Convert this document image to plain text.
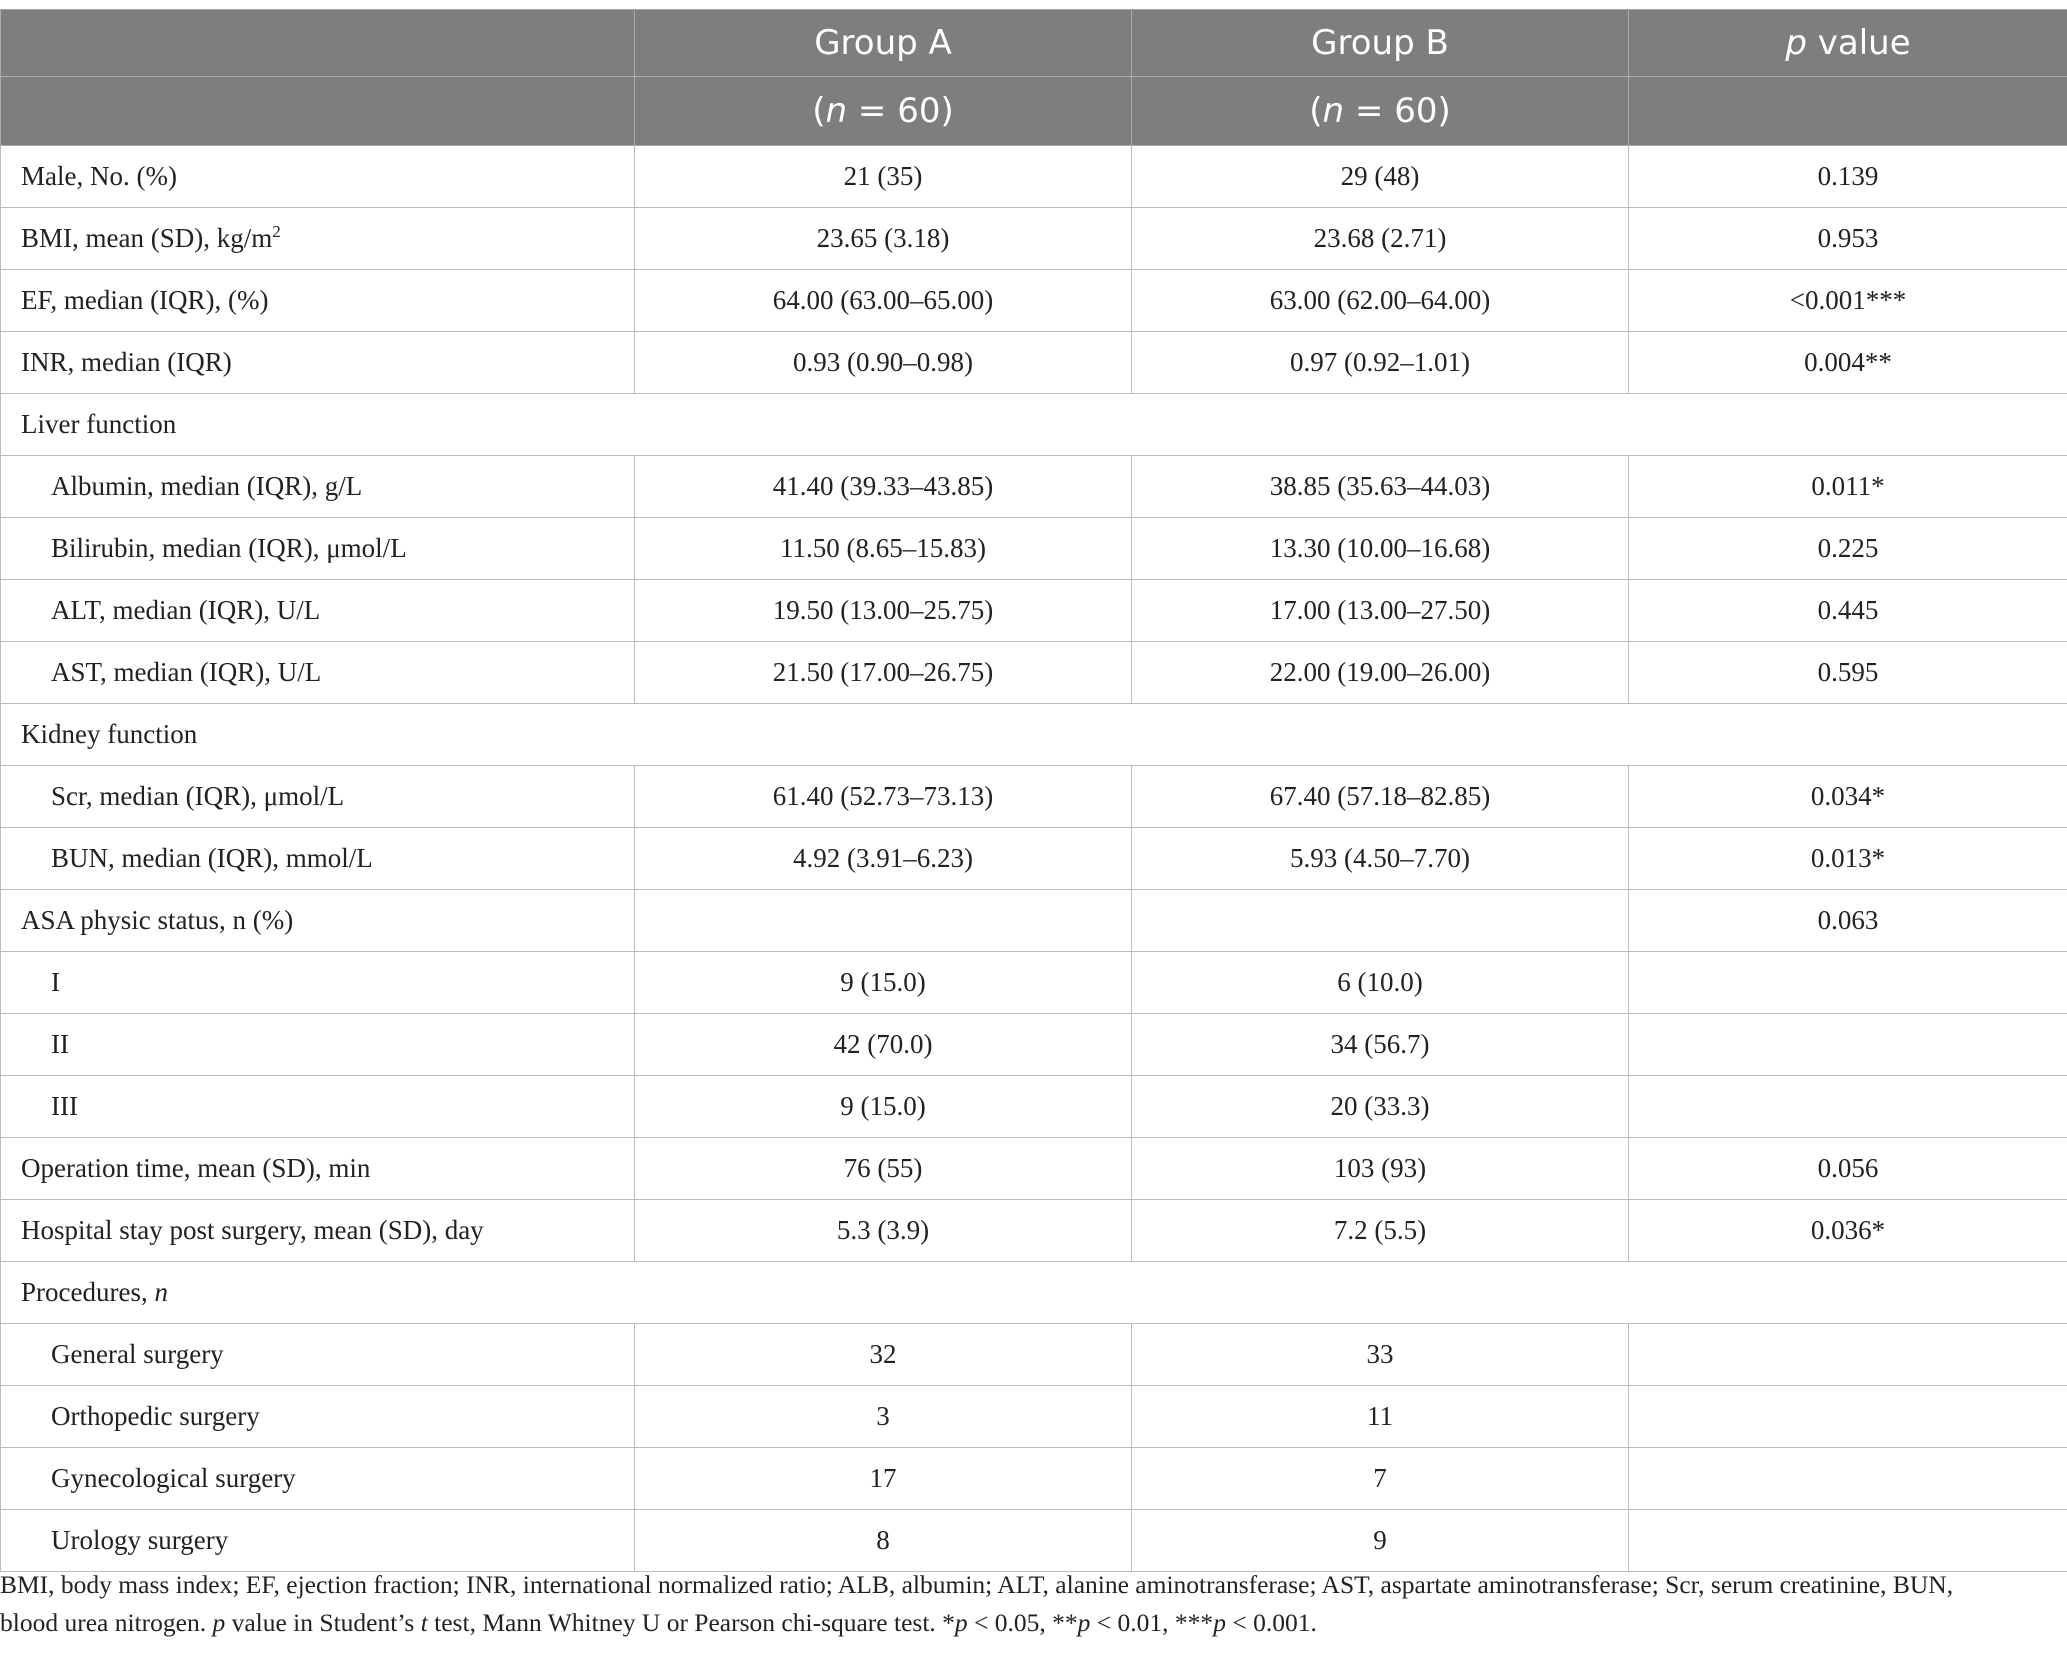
	Group A	Group B	p value
	(n = 60)	(n = 60)	
Male, No. (%)	21 (35)	29 (48)	0.139
BMI, mean (SD), $kg/m^2$	23.65 (3.18)	23.68 (2.71)	0.953
EF, median (IQR), (%)	64.00 (63.00–65.00)	63.00 (62.00–64.00)	<0.001***
INR, median (IQR)	0.93 (0.90–0.98)	0.97 (0.92–1.01)	0.004**
Liver function			
Albumin, median (IQR), g/L	41.40 (39.33–43.85)	38.85 (35.63–44.03)	0.011*
Bilirubin, median (IQR), μmol/L	11.50 (8.65–15.83)	13.30 (10.00–16.68)	0.225
ALT, median (IQR), U/L	19.50 (13.00–25.75)	17.00 (13.00–27.50)	0.445
AST, median (IQR), U/L	21.50 (17.00–26.75)	22.00 (19.00–26.00)	0.595
Kidney function			
Scr, median (IQR), μmol/L	61.40 (52.73–73.13)	67.40 (57.18–82.85)	0.034*
BUN, median (IQR), mmol/L	4.92 (3.91–6.23)	5.93 (4.50–7.70)	0.013*
ASA physic status, n (%)			0.063
I	9 (15.0)	6 (10.0)	
II	42 (70.0)	34 (56.7)	
III	9 (15.0)	20 (33.3)	
Operation time, mean (SD), min	76 (55)	103 (93)	0.056
Hospital stay post surgery, mean (SD), day	5.3 (3.9)	7.2 (5.5)	0.036*
Procedures, n			
General surgery	32	33	
Orthopedic surgery	3	11	
Gynecological surgery	17	7	
Urology surgery	8	9	
BMI, body mass index; EF, ejection fraction; INR, international normalized ratio; ALB, albumin; ALT, alanine aminotransferase; AST, aspartate aminotransferase; Scr, serum creatinine, BUN,
blood urea nitrogen. p value in Student’s t test, Mann Whitney U or Pearson chi-square test. *p < 0.05, **p < 0.01, ***p < 0.001.
